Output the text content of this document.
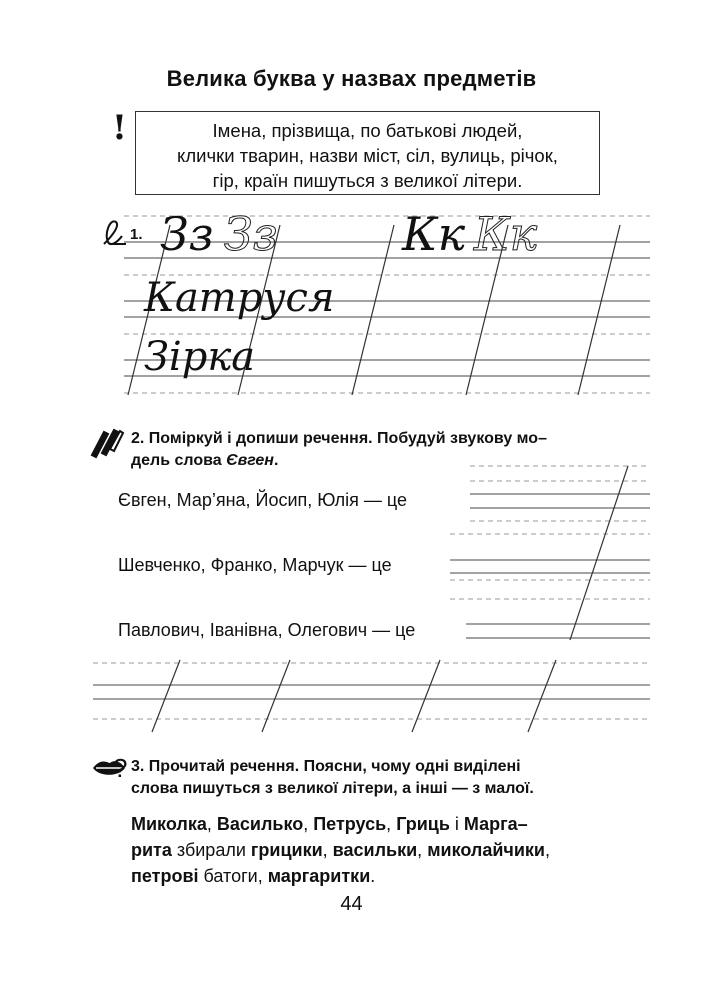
Велика буква у назвах предметів
!	Імена, прізвища, по батькові людей,
клички тварин, назви міст, сіл, вулиць, річок,
гір, країн пишуться з великої літери.
1. Зз Зз	Кк Кк
Катруся
Зірка
2. Поміркуй і допиши речення. Побудуй звукову мо–
дель слова Євген.
Євген, Мар’яна, Йосип, Юлія — це
Шевченко, Франко, Марчук — це
Павлович, Іванівна, Олегович — це
? 3. Прочитай речення. Поясни, чому одні виділені
слова пишуться з великої літери, а інші — з малої.
Миколка, Василько, Петрусь, Гриць і Марга–
рита збирали грицики, васильки, миколайчики,
петрові батоги, маргаритки.
44
